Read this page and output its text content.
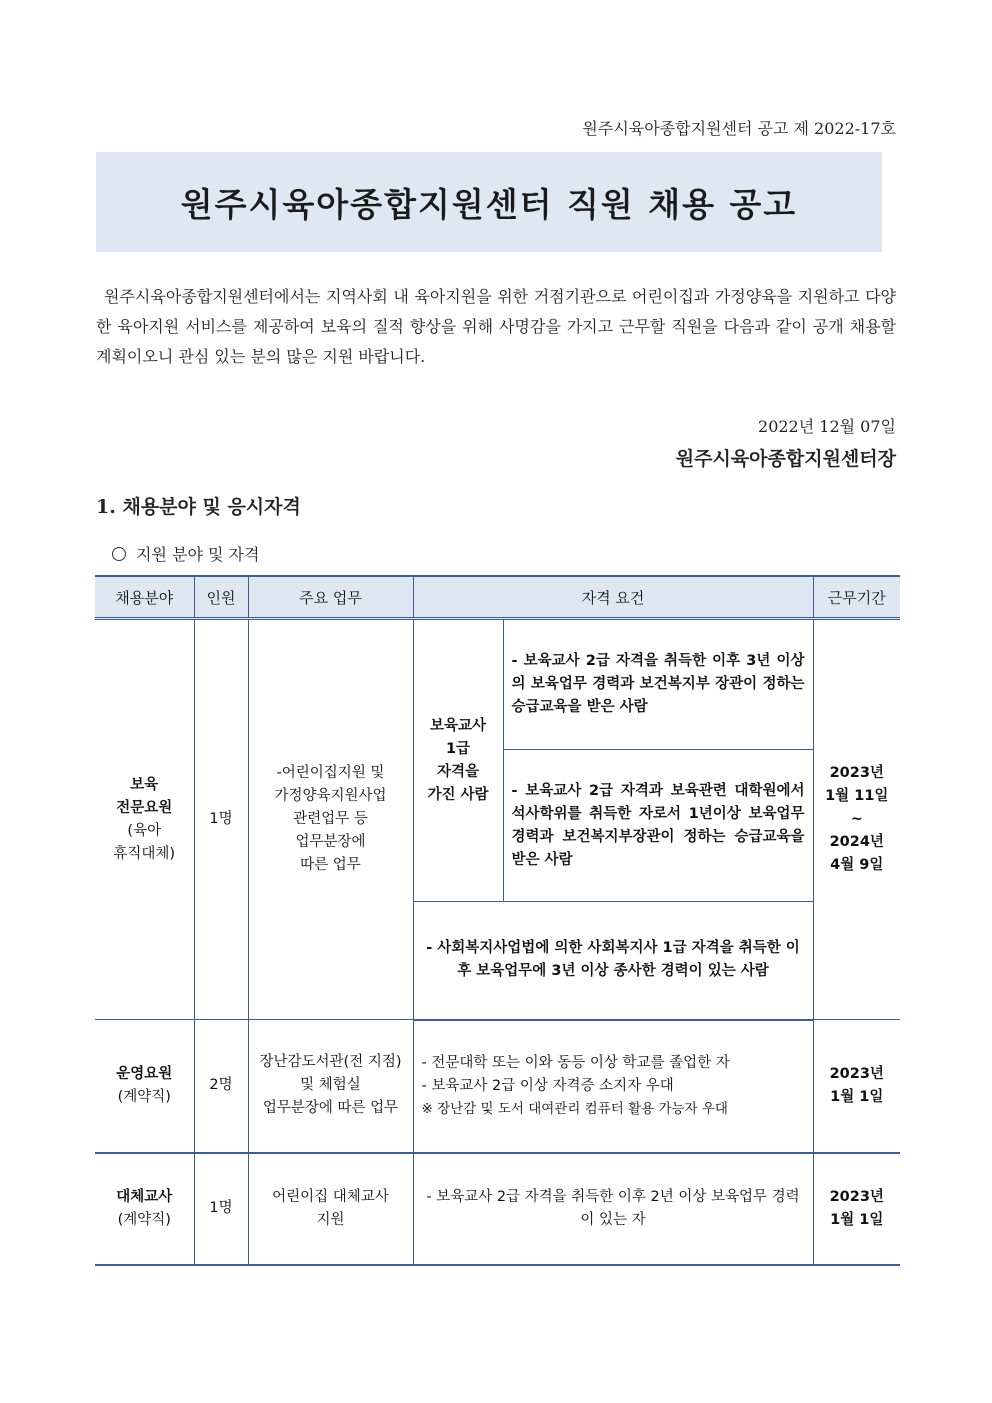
원주시육아종합지원센터 공고 제 2022-17호
원주시육아종합지원센터 직원 채용 공고
원주시육아종합지원센터에서는 지역사회 내 육아지원을 위한 거점기관으로 어린이집과 가정양육을 지원하고 다양한 육아지원 서비스를 제공하여 보육의 질적 향상을 위해 사명감을 가지고 근무할 직원을 다음과 같이 공개 채용할 계획이오니 관심 있는 분의 많은 지원 바랍니다.
2022년 12월 07일
원주시육아종합지원센터장
1. 채용분야 및 응시자격
지원 분야 및 자격
채용분야	인원	주요 업무	자격 요건		근무기간
보육
전문요원
(육아
휴직대체)	1명	-어린이집지원 및
가정양육지원사업
관련업무 등
업무분장에
따른 업무	보육교사
1급
자격을
가진 사람	- 보육교사 2급 자격을 취득한 이후 3년 이상의 보육업무 경력과 보건복지부 장관이 정하는 승급교육을 받은 사람	2023년
1월 11일
~
2024년
4월 9일
				- 보육교사 2급 자격과 보육관련 대학원에서 석사학위를 취득한 자로서 1년이상 보육업무 경력과 보건복지부장관이 정하는 승급교육을 받은 사람	
			- 사회복지사업법에 의한 사회복지사 1급 자격을 취득한 이후 보육업무에 3년 이상 종사한 경력이 있는 사람		
운영요원
(계약직)	2명	장난감도서관(전 지점)
및 체험실
업무분장에 따른 업무	- 전문대학 또는 이와 동등 이상 학교를 졸업한 자
- 보육교사 2급 이상 자격증 소지자 우대
※ 장난감 및 도서 대여관리 컴퓨터 활용 가능자 우대		2023년
1월 1일
대체교사
(계약직)	1명	어린이집 대체교사
지원	- 보육교사 2급 자격을 취득한 이후 2년 이상 보육업무 경력이 있는 자		2023년
1월 1일
